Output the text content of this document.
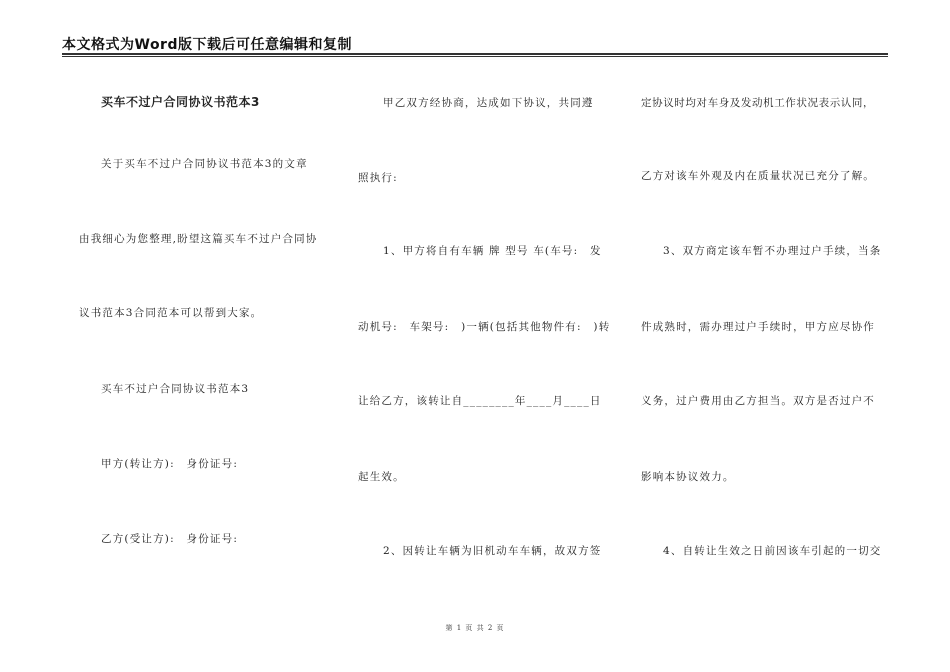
本文格式为Word版下载后可任意编辑和复制
买车不过户合同协议书范本3
关于买车不过户合同协议书范本3的文章
由我细心为您整理,盼望这篇买车不过户合同协
议书范本3合同范本可以帮到大家。
买车不过户合同协议书范本3
甲方(转让方):　身份证号:
乙方(受让方):　身份证号:
甲乙双方经协商，达成如下协议，共同遵
照执行:
1、甲方将自有车辆 牌 型号 车(车号:　发
动机号:　车架号:　)一辆(包括其他物件有:　)转
让给乙方，该转让自________年____月____日
起生效。
2、因转让车辆为旧机动车车辆，故双方签
定协议时均对车身及发动机工作状况表示认同，
乙方对该车外观及内在质量状况已充分了解。
3、双方商定该车暂不办理过户手续，当条
件成熟时，需办理过户手续时，甲方应尽协作
义务，过户费用由乙方担当。双方是否过户不
影响本协议效力。
4、自转让生效之日前因该车引起的一切交
第 1 页 共 2 页
